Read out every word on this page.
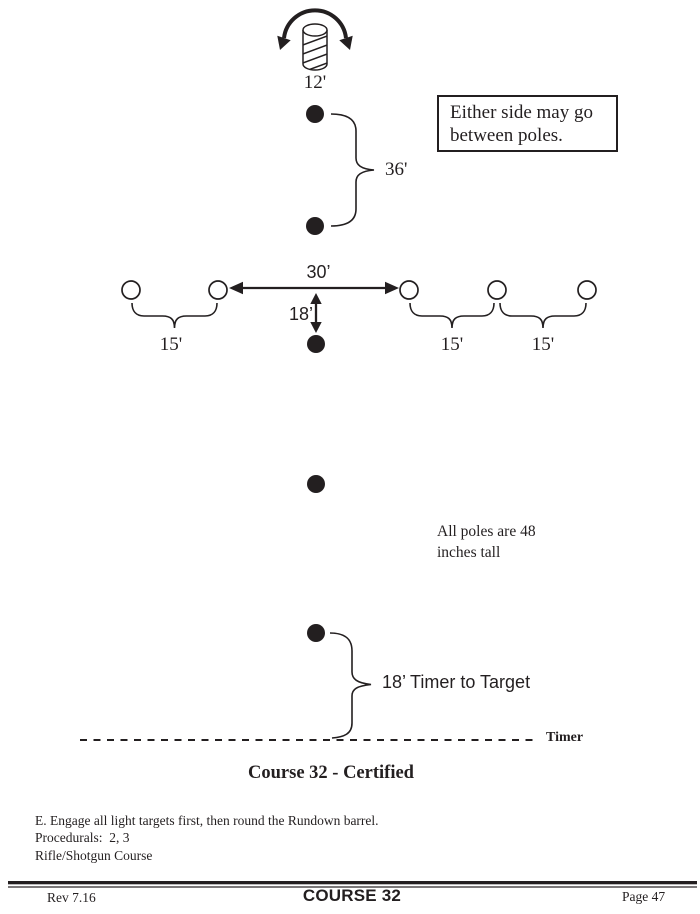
12'
Either side may go
between poles.
36'
30’
18’
15'	15'	15'
All poles are 48
inches tall
18’ Timer to Target
Timer
Course 32 - Certified
E. Engage all light targets first, then round the Rundown barrel.
Procedurals:  2, 3
Rifle/Shotgun Course
Rev 7.16	COURSE 32	Page 47
